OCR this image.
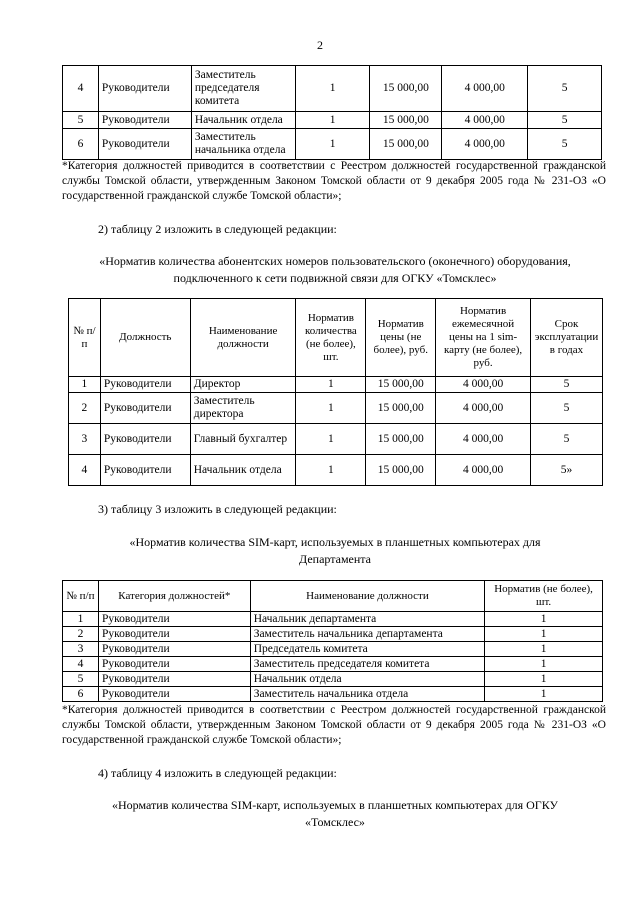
2
4	Руководители	Заместитель председателя комитета	1	15 000,00	4 000,00	5
5	Руководители	Начальник отдела	1	15 000,00	4 000,00	5
6	Руководители	Заместитель начальника отдела	1	15 000,00	4 000,00	5
*Категория должностей приводится в соответствии с Реестром должностей государственной гражданской службы Томской области, утвержденным Законом Томской области от 9 декабря 2005 года № 231-ОЗ «О государственной гражданской службе Томской области»;
2) таблицу 2 изложить в следующей редакции:
«Норматив количества абонентских номеров пользовательского (оконечного) оборудования, подключенного к сети подвижной связи для ОГКУ «Томсклес»
№ п/п	Должность	Наименование должности	Норматив количества (не более), шт.	Норматив цены (не более), руб.	Норматив ежемесячной цены на 1 sim-карту (не более), руб.	Срок эксплуатации в годах
1	Руководители	Директор	1	15 000,00	4 000,00	5
2	Руководители	Заместитель директора	1	15 000,00	4 000,00	5
3	Руководители	Главный бухгалтер	1	15 000,00	4 000,00	5
4	Руководители	Начальник отдела	1	15 000,00	4 000,00	5»
3) таблицу 3 изложить в следующей редакции:
«Норматив количества SIM-карт, используемых в планшетных компьютерах для Департамента
№ п/п	Категория должностей*	Наименование должности	Норматив (не более), шт.
1	Руководители	Начальник департамента	1
2	Руководители	Заместитель начальника департамента	1
3	Руководители	Председатель комитета	1
4	Руководители	Заместитель председателя комитета	1
5	Руководители	Начальник отдела	1
6	Руководители	Заместитель начальника отдела	1
*Категория должностей приводится в соответствии с Реестром должностей государственной гражданской службы Томской области, утвержденным Законом Томской области от 9 декабря 2005 года № 231-ОЗ «О государственной гражданской службе Томской области»;
4) таблицу 4 изложить в следующей редакции:
«Норматив количества SIM-карт, используемых в планшетных компьютерах для ОГКУ «Томсклес»
